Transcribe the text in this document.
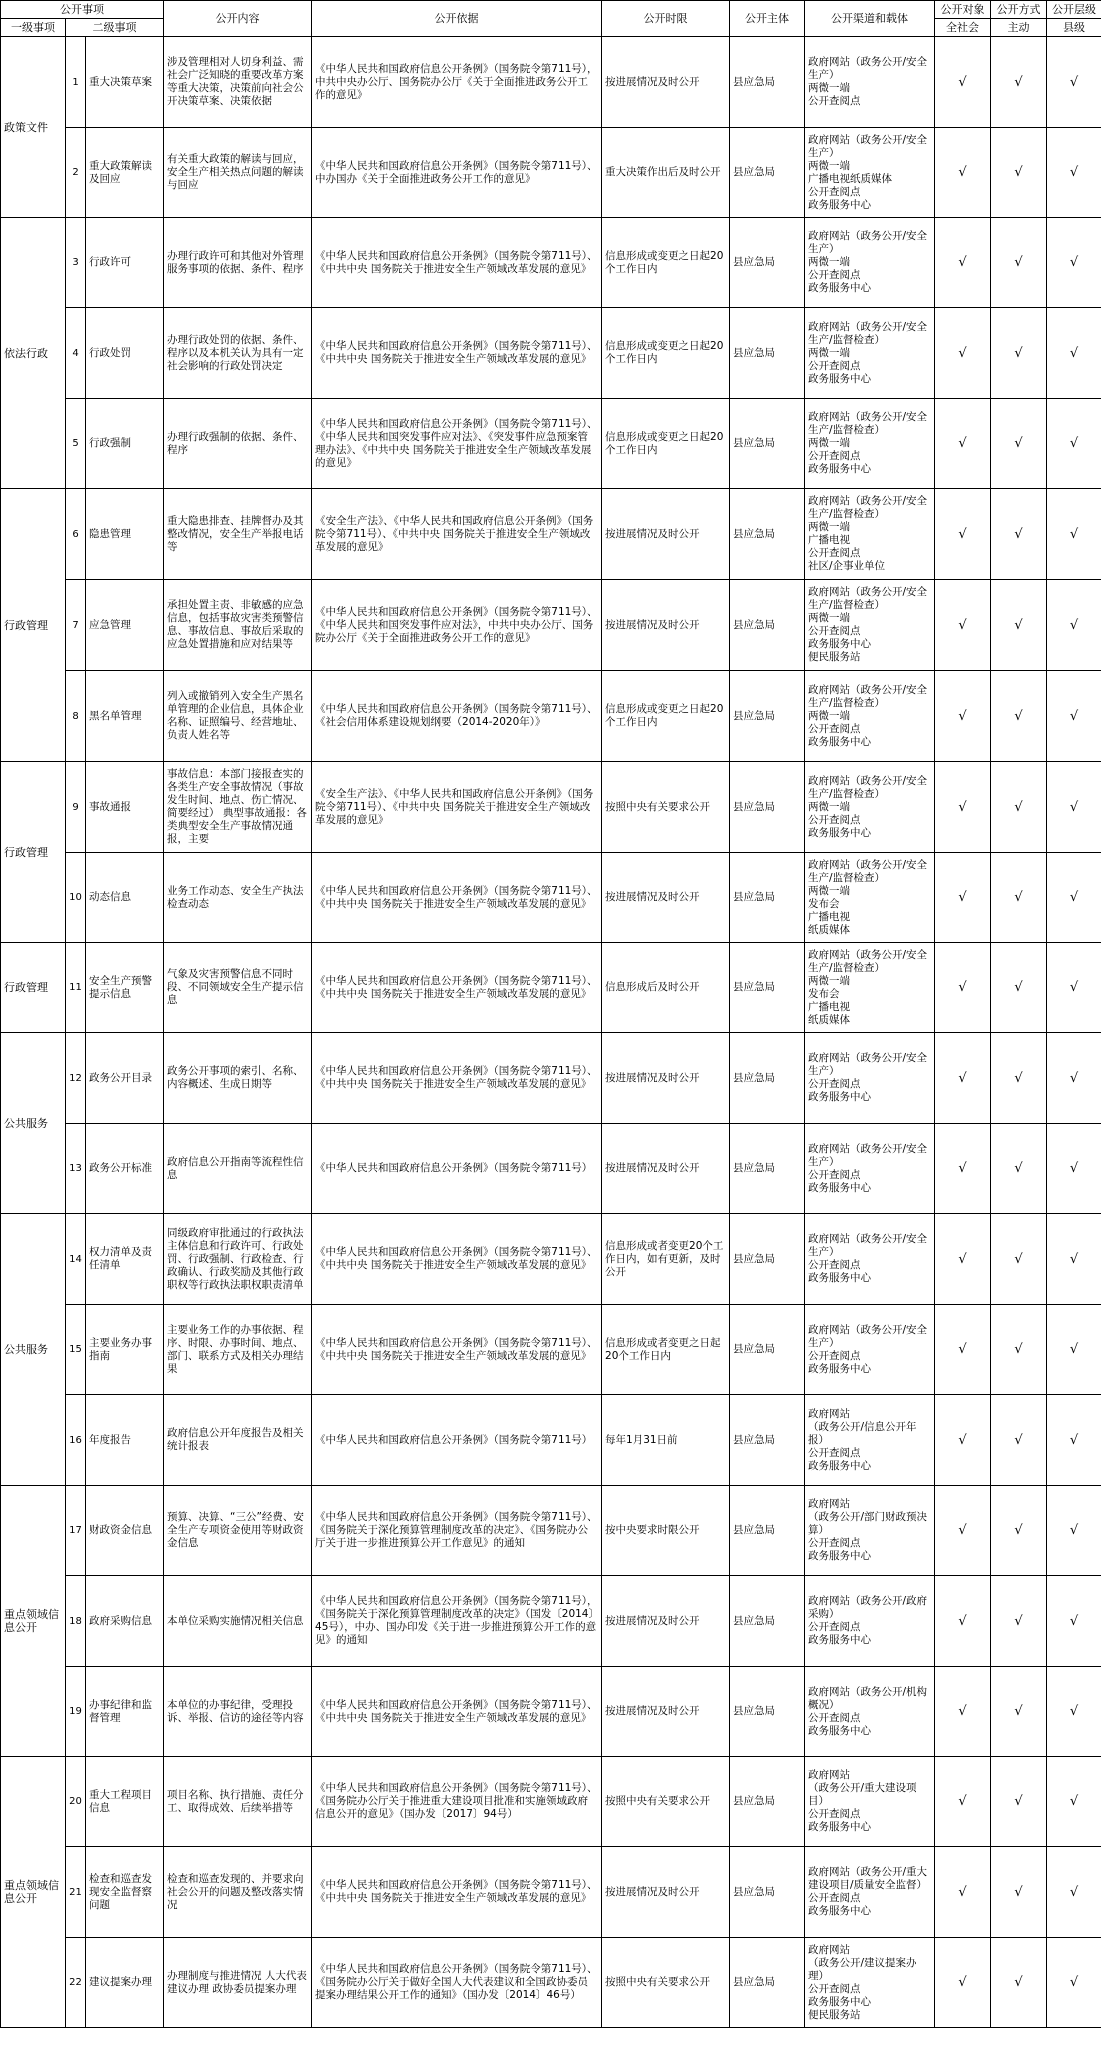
公开事项			公开内容	公开依据	公开时限	公开主体	公开渠道和载体	公开对象	公开方式	公开层级
一级事项	二级事项							全社会	主动	县级
政策文件	1	重大决策草案	涉及管理相对人切身利益、需社会广泛知晓的重要改革方案等重大决策，决策前向社会公开决策草案、决策依据	《中华人民共和国政府信息公开条例》（国务院令第711号），中共中央办公厅、国务院办公厅《关于全面推进政务公开工作的意见》	按进展情况及时公开	县应急局	政府网站（政务公开/安全生产）
两微一端
公开查阅点	√	√	√
	2	重大政策解读及回应	有关重大政策的解读与回应，安全生产相关热点问题的解读与回应	《中华人民共和国政府信息公开条例》（国务院令第711号）、中办国办《关于全面推进政务公开工作的意见》	重大决策作出后及时公开	县应急局	政府网站（政务公开/安全生产）
两微一端
广播电视纸质媒体
公开查阅点
政务服务中心	√	√	√
依法行政	3	行政许可	办理行政许可和其他对外管理服务事项的依据、条件、程序	《中华人民共和国政府信息公开条例》（国务院令第711号）、《中共中央 国务院关于推进安全生产领域改革发展的意见》	信息形成或变更之日起20个工作日内	县应急局	政府网站（政务公开/安全生产）
两微一端
公开查阅点
政务服务中心	√	√	√
	4	行政处罚	办理行政处罚的依据、条件、程序以及本机关认为具有一定社会影响的行政处罚决定	《中华人民共和国政府信息公开条例》（国务院令第711号）、《中共中央 国务院关于推进安全生产领域改革发展的意见》	信息形成或变更之日起20个工作日内	县应急局	政府网站（政务公开/安全生产/监督检查）
两微一端
公开查阅点
政务服务中心	√	√	√
	5	行政强制	办理行政强制的依据、条件、程序	《中华人民共和国政府信息公开条例》（国务院令第711号）、《中华人民共和国突发事件应对法》、《突发事件应急预案管理办法》、《中共中央 国务院关于推进安全生产领域改革发展的意见》	信息形成或变更之日起20个工作日内	县应急局	政府网站（政务公开/安全生产/监督检查）
两微一端
公开查阅点
政务服务中心	√	√	√
行政管理	6	隐患管理	重大隐患排查、挂牌督办及其整改情况，安全生产举报电话等	《安全生产法》、《中华人民共和国政府信息公开条例》（国务院令第711号）、《中共中央 国务院关于推进安全生产领域改革发展的意见》	按进展情况及时公开	县应急局	政府网站（政务公开/安全生产/监督检查）
两微一端
广播电视
公开查阅点
社区/企事业单位	√	√	√
	7	应急管理	承担处置主责、非敏感的应急信息，包括事故灾害类预警信息、事故信息、事故后采取的应急处置措施和应对结果等	《中华人民共和国政府信息公开条例》（国务院令第711号）、《中华人民共和国突发事件应对法》，中共中央办公厅、国务院办公厅《关于全面推进政务公开工作的意见》	按进展情况及时公开	县应急局	政府网站（政务公开/安全生产/监督检查）
两微一端
公开查阅点
政务服务中心
便民服务站	√	√	√
	8	黑名单管理	列入或撤销列入安全生产黑名单管理的企业信息，具体企业名称、证照编号、经营地址、负责人姓名等	《中华人民共和国政府信息公开条例》（国务院令第711号）、《社会信用体系建设规划纲要（2014-2020年）》	信息形成或变更之日起20个工作日内	县应急局	政府网站（政务公开/安全生产/监督检查）
两微一端
公开查阅点
政务服务中心	√	√	√
行政管理	9	事故通报	事故信息：本部门接报查实的各类生产安全事故情况（事故发生时间、地点、伤亡情况、简要经过） 典型事故通报：各类典型安全生产事故情况通报，主要	《安全生产法》、《中华人民共和国政府信息公开条例》（国务院令第711号）、《中共中央 国务院关于推进安全生产领域改革发展的意见》	按照中央有关要求公开	县应急局	政府网站（政务公开/安全生产/监督检查）
两微一端
公开查阅点
政务服务中心	√	√	√
	10	动态信息	业务工作动态、安全生产执法检查动态	《中华人民共和国政府信息公开条例》（国务院令第711号）、《中共中央 国务院关于推进安全生产领域改革发展的意见》	按进展情况及时公开	县应急局	政府网站（政务公开/安全生产/监督检查）
两微一端
发布会
广播电视
纸质媒体	√	√	√
行政管理	11	安全生产预警提示信息	气象及灾害预警信息不同时段、不同领域安全生产提示信息	《中华人民共和国政府信息公开条例》（国务院令第711号）、《中共中央 国务院关于推进安全生产领域改革发展的意见》	信息形成后及时公开	县应急局	政府网站（政务公开/安全生产/监督检查）
两微一端
发布会
广播电视
纸质媒体	√	√	√
公共服务	12	政务公开目录	政务公开事项的索引、名称、内容概述、生成日期等	《中华人民共和国政府信息公开条例》（国务院令第711号）、《中共中央 国务院关于推进安全生产领域改革发展的意见》	按进展情况及时公开	县应急局	政府网站（政务公开/安全生产）
公开查阅点
政务服务中心	√	√	√
	13	政务公开标准	政府信息公开指南等流程性信息	《中华人民共和国政府信息公开条例》（国务院令第711号）	按进展情况及时公开	县应急局	政府网站（政务公开/安全生产）
公开查阅点
政务服务中心	√	√	√
公共服务	14	权力清单及责任清单	同级政府审批通过的行政执法主体信息和行政许可、行政处罚、行政强制、行政检查、行政确认、行政奖励及其他行政职权等行政执法职权职责清单	《中华人民共和国政府信息公开条例》（国务院令第711号）、《中共中央 国务院关于推进安全生产领域改革发展的意见》	信息形成或者变更20个工作日内，如有更新，及时公开	县应急局	政府网站（政务公开/安全生产）
公开查阅点
政务服务中心	√	√	√
	15	主要业务办事指南	主要业务工作的办事依据、程序、时限、办事时间、地点、部门、联系方式及相关办理结果	《中华人民共和国政府信息公开条例》（国务院令第711号）、《中共中央 国务院关于推进安全生产领域改革发展的意见》	信息形成或者变更之日起20个工作日内	县应急局	政府网站（政务公开/安全生产）
公开查阅点
政务服务中心	√	√	√
	16	年度报告	政府信息公开年度报告及相关统计报表	《中华人民共和国政府信息公开条例》（国务院令第711号）	每年1月31日前	县应急局	政府网站
（政务公开/信息公开年报）
公开查阅点
政务服务中心	√	√	√
重点领域信息公开	17	财政资金信息	预算、决算、“三公”经费、安全生产专项资金使用等财政资金信息	《中华人民共和国政府信息公开条例》（国务院令第711号）、《国务院关于深化预算管理制度改革的决定》、《国务院办公厅关于进一步推进预算公开工作意见》的通知	按中央要求时限公开	县应急局	政府网站
（政务公开/部门财政预决算）
公开查阅点
政务服务中心	√	√	√
	18	政府采购信息	本单位采购实施情况相关信息	《中华人民共和国政府信息公开条例》（国务院令第711号），《国务院关于深化预算管理制度改革的决定》（国发〔2014〕45号），中办、国办印发《关于进一步推进预算公开工作的意见》的通知	按进展情况及时公开	县应急局	政府网站（政务公开/政府采购）
公开查阅点
政务服务中心	√	√	√
	19	办事纪律和监督管理	本单位的办事纪律，受理投诉、举报、信访的途径等内容	《中华人民共和国政府信息公开条例》（国务院令第711号）、《中共中央 国务院关于推进安全生产领域改革发展的意见》	按进展情况及时公开	县应急局	政府网站（政务公开/机构概况）
公开查阅点
政务服务中心	√	√	√
重点领域信息公开	20	重大工程项目信息	项目名称、执行措施、责任分工、取得成效、后续举措等	《中华人民共和国政府信息公开条例》（国务院令第711号）、《国务院办公厅关于推进重大建设项目批准和实施领域政府信息公开的意见》（国办发〔2017〕94号）	按照中央有关要求公开	县应急局	政府网站
（政务公开/重大建设项目）
公开查阅点
政务服务中心	√	√	√
	21	检查和巡查发现安全监督察问题	检查和巡查发现的、并要求向社会公开的问题及整改落实情况	《中华人民共和国政府信息公开条例》（国务院令第711号）、《中共中央 国务院关于推进安全生产领域改革发展的意见》	按进展情况及时公开	县应急局	政府网站（政务公开/重大建设项目/质量安全监督）
公开查阅点
政务服务中心	√	√	√
	22	建议提案办理	办理制度与推进情况 人大代表建议办理 政协委员提案办理	《中华人民共和国政府信息公开条例》（国务院令第711号）、《国务院办公厅关于做好全国人大代表建议和全国政协委员提案办理结果公开工作的通知》（国办发〔2014〕46号）	按照中央有关要求公开	县应急局	政府网站
（政务公开/建议提案办理）
公开查阅点
政务服务中心
便民服务站	√	√	√
